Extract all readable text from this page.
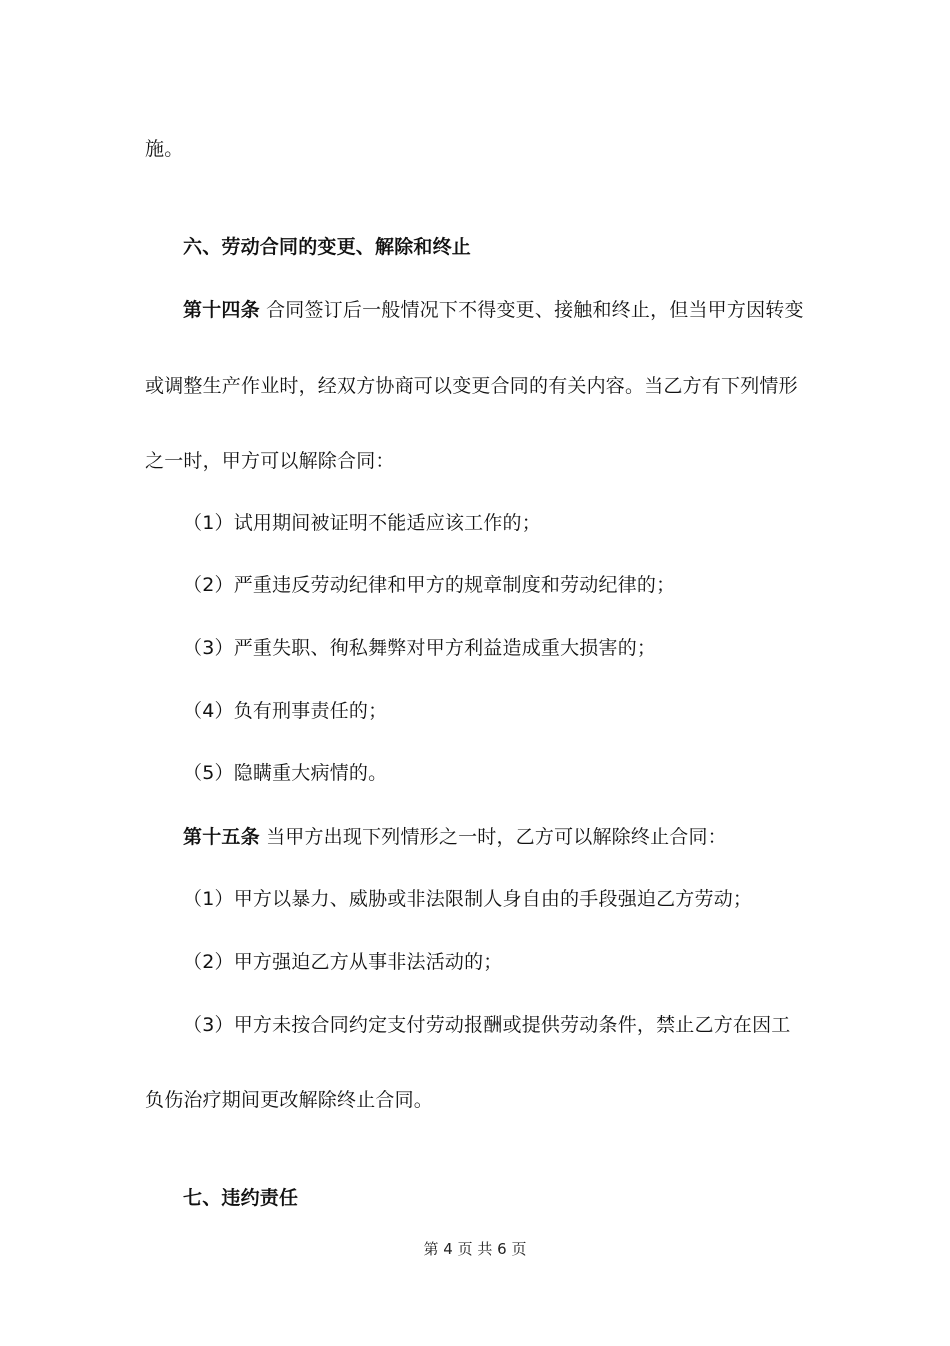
施。
六、劳动合同的变更、解除和终止
第十四条 合同签订后一般情况下不得变更、接触和终止，但当甲方因转变
或调整生产作业时，经双方协商可以变更合同的有关内容。当乙方有下列情形
之一时，甲方可以解除合同：
（1）试用期间被证明不能适应该工作的；
（2）严重违反劳动纪律和甲方的规章制度和劳动纪律的；
（3）严重失职、徇私舞弊对甲方利益造成重大损害的；
（4）负有刑事责任的；
（5）隐瞒重大病情的。
第十五条 当甲方出现下列情形之一时，乙方可以解除终止合同：
（1）甲方以暴力、威胁或非法限制人身自由的手段强迫乙方劳动；
（2）甲方强迫乙方从事非法活动的；
（3）甲方未按合同约定支付劳动报酬或提供劳动条件，禁止乙方在因工
负伤治疗期间更改解除终止合同。
七、违约责任
第 4 页 共 6 页
